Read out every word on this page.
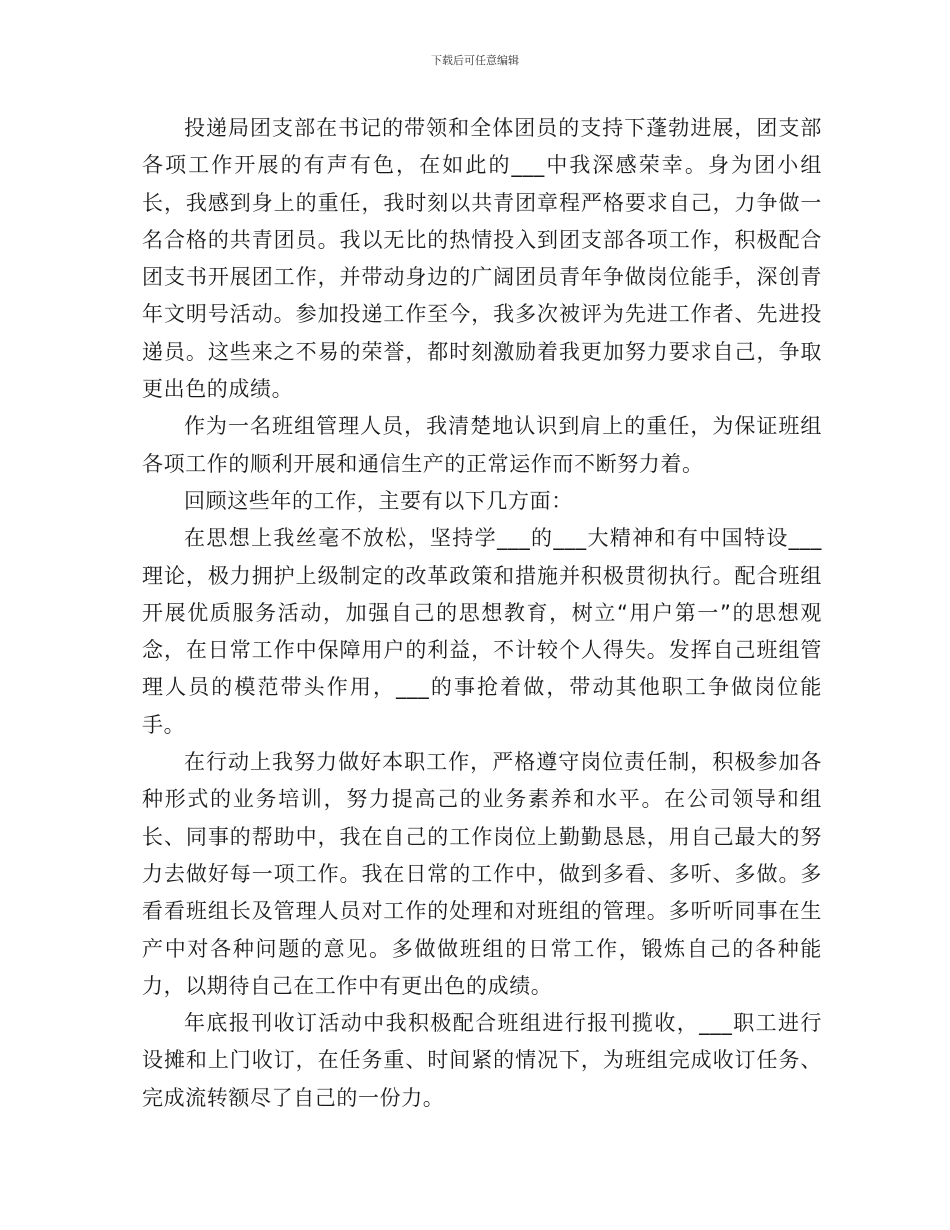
下载后可任意编辑

投递局团支部在书记的带领和全体团员的支持下蓬勃进展，团支部各项工作开展的有声有色，在如此的___中我深感荣幸。身为团小组长，我感到身上的重任，我时刻以共青团章程严格要求自己，力争做一名合格的共青团员。我以无比的热情投入到团支部各项工作，积极配合团支书开展团工作，并带动身边的广阔团员青年争做岗位能手，深创青年文明号活动。参加投递工作至今，我多次被评为先进工作者、先进投递员。这些来之不易的荣誉，都时刻激励着我更加努力要求自己，争取更出色的成绩。

作为一名班组管理人员，我清楚地认识到肩上的重任，为保证班组各项工作的顺利开展和通信生产的正常运作而不断努力着。

回顾这些年的工作，主要有以下几方面：

在思想上我丝毫不放松，坚持学___的___大精神和有中国特设___理论，极力拥护上级制定的改革政策和措施并积极贯彻执行。配合班组开展优质服务活动，加强自己的思想教育，树立“用户第一”的思想观念，在日常工作中保障用户的利益，不计较个人得失。发挥自己班组管理人员的模范带头作用，___的事抢着做，带动其他职工争做岗位能手。

在行动上我努力做好本职工作，严格遵守岗位责任制，积极参加各种形式的业务培训，努力提高己的业务素养和水平。在公司领导和组长、同事的帮助中，我在自己的工作岗位上勤勤恳恳，用自己最大的努力去做好每一项工作。我在日常的工作中，做到多看、多听、多做。多看看班组长及管理人员对工作的处理和对班组的管理。多听听同事在生产中对各种问题的意见。多做做班组的日常工作，锻炼自己的各种能力，以期待自己在工作中有更出色的成绩。

年底报刊收订活动中我积极配合班组进行报刊揽收，___职工进行设摊和上门收订，在任务重、时间紧的情况下，为班组完成收订任务、完成流转额尽了自己的一份力。
